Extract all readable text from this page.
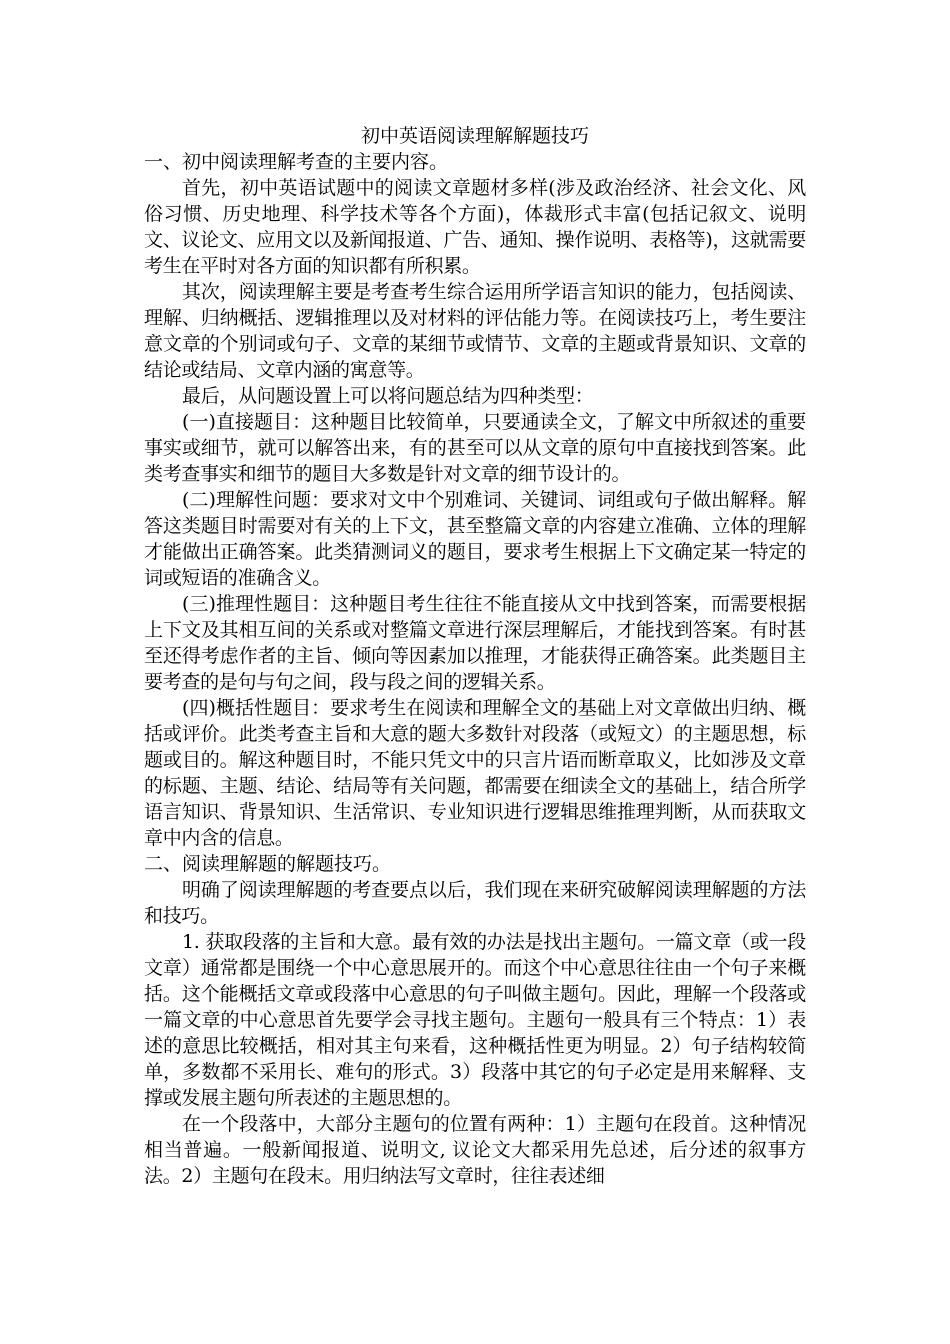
初中英语阅读理解解题技巧

一、初中阅读理解考查的主要内容。

首先，初中英语试题中的阅读文章题材多样(涉及政治经济、社会文化、风俗习惯、历史地理、科学技术等各个方面)，体裁形式丰富(包括记叙文、说明文、议论文、应用文以及新闻报道、广告、通知、操作说明、表格等)，这就需要考生在平时对各方面的知识都有所积累。

其次，阅读理解主要是考查考生综合运用所学语言知识的能力，包括阅读、理解、归纳概括、逻辑推理以及对材料的评估能力等。在阅读技巧上，考生要注意文章的个别词或句子、文章的某细节或情节、文章的主题或背景知识、文章的结论或结局、文章内涵的寓意等。

最后，从问题设置上可以将问题总结为四种类型：

(一)直接题目：这种题目比较简单，只要通读全文，了解文中所叙述的重要事实或细节，就可以解答出来，有的甚至可以从文章的原句中直接找到答案。此类考查事实和细节的题目大多数是针对文章的细节设计的。

(二)理解性问题：要求对文中个别难词、关键词、词组或句子做出解释。解答这类题目时需要对有关的上下文，甚至整篇文章的内容建立准确、立体的理解才能做出正确答案。此类猜测词义的题目，要求考生根据上下文确定某一特定的词或短语的准确含义。

(三)推理性题目：这种题目考生往往不能直接从文中找到答案，而需要根据上下文及其相互间的关系或对整篇文章进行深层理解后，才能找到答案。有时甚至还得考虑作者的主旨、倾向等因素加以推理，才能获得正确答案。此类题目主要考查的是句与句之间，段与段之间的逻辑关系。

(四)概括性题目：要求考生在阅读和理解全文的基础上对文章做出归纳、概括或评价。此类考查主旨和大意的题大多数针对段落（或短文）的主题思想，标题或目的。解这种题目时，不能只凭文中的只言片语而断章取义，比如涉及文章的标题、主题、结论、结局等有关问题，都需要在细读全文的基础上，结合所学语言知识、背景知识、生活常识、专业知识进行逻辑思维推理判断，从而获取文章中内含的信息。

二、阅读理解题的解题技巧。

明确了阅读理解题的考查要点以后，我们现在来研究破解阅读理解题的方法和技巧。

1. 获取段落的主旨和大意。最有效的办法是找出主题句。一篇文章（或一段文章）通常都是围绕一个中心意思展开的。而这个中心意思往往由一个句子来概括。这个能概括文章或段落中心意思的句子叫做主题句。因此，理解一个段落或一篇文章的中心意思首先要学会寻找主题句。主题句一般具有三个特点：1）表述的意思比较概括，相对其主句来看，这种概括性更为明显。2）句子结构较简单，多数都不采用长、难句的形式。3）段落中其它的句子必定是用来解释、支撑或发展主题句所表述的主题思想的。

在一个段落中，大部分主题句的位置有两种：1）主题句在段首。这种情况相当普遍。一般新闻报道、说明文, 议论文大都采用先总述，后分述的叙事方法。2）主题句在段末。用归纳法写文章时，往往表述细
